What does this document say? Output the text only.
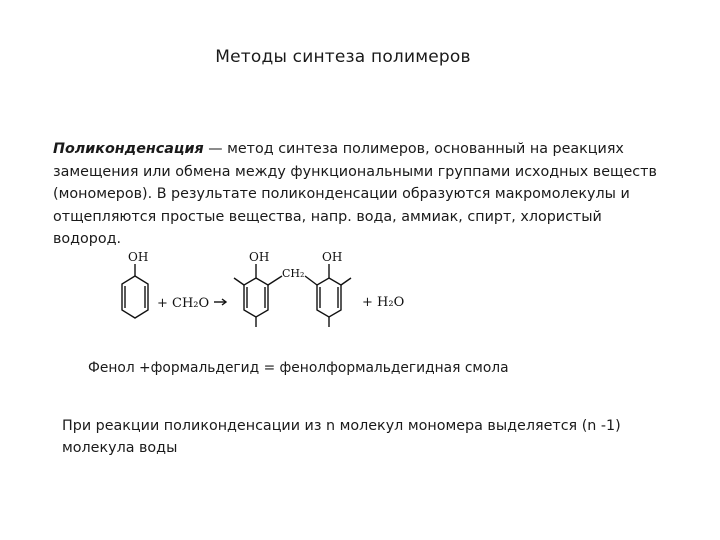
Методы синтеза полимеров
Поликонденсация — метод синтеза полимеров, основанный на реакциях замещения или обмена между функциональными группами исходных веществ (мономеров). В результате поликонденсации образуются макромолекулы и отщепляются простые вещества, напр. вода, аммиак, спирт, хлористый водород.
OH
+ CH₂O
OH
CH₂
OH
+ H₂O
Фенол +формальдегид = фенолформальдегидная смола
При реакции поликонденсации из n молекул мономера выделяется (n -1) молекула воды
